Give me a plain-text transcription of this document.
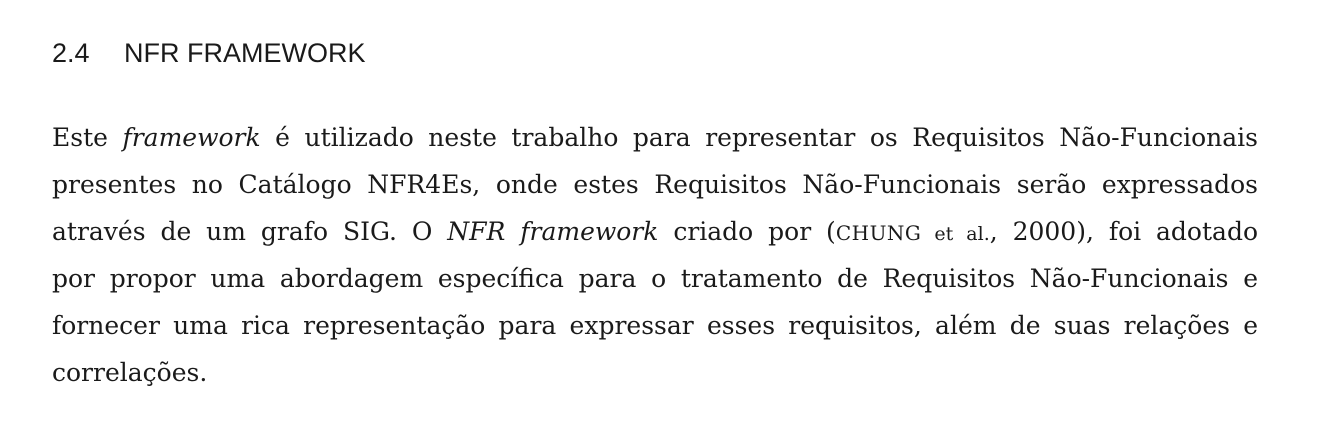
2.4 NFR FRAMEWORK
Este framework é utilizado neste trabalho para representar os Requisitos Não-Funcionais
presentes no Catálogo NFR4Es, onde estes Requisitos Não-Funcionais serão expressados
através de um grafo SIG. O NFR framework criado por (CHUNG et al., 2000), foi adotado
por propor uma abordagem específica para o tratamento de Requisitos Não-Funcionais e
fornecer uma rica representação para expressar esses requisitos, além de suas relações e
correlações.
